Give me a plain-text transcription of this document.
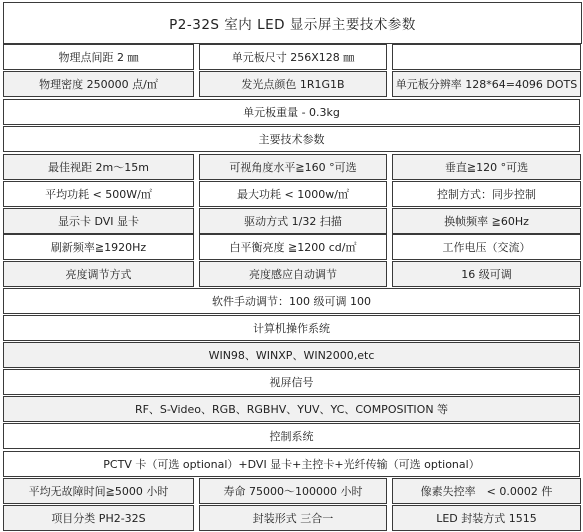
P2-32S 室内 LED 显示屏主要技术参数
物理点间距 2 ㎜	单元板尺寸 256X128 ㎜
物理密度 250000 点/㎡	发光点颜色 1R1G1B	单元板分辨率 128*64=4096 DOTS
单元板重量 - 0.3kg
主要技术参数
最佳视距 2m～15m	可视角度水平≧160 °可选	垂直≧120 °可选
平均功耗 < 500W/㎡	最大功耗 < 1000w/㎡	控制方式：同步控制
显示卡 DVI 显卡	驱动方式 1/32 扫描	换帧频率 ≧60Hz
刷新频率≧1920Hz	白平衡亮度 ≧1200 cd/㎡	工作电压（交流）
亮度调节方式	亮度感应自动调节	16 级可调
软件手动调节：100 级可调 100
计算机操作系统
WIN98、WINXP、WIN2000,etc
视屏信号
RF、S-Video、RGB、RGBHV、YUV、YC、COMPOSITION 等
控制系统
PCTV 卡（可选 optional）+DVI 显卡+主控卡+光纤传输（可选 optional）
平均无故障时间≧5000 小时	寿命 75000～100000 小时	像素失控率　< 0.0002 件
项目分类 PH2-32S	封装形式 三合一	LED 封装方式 1515
